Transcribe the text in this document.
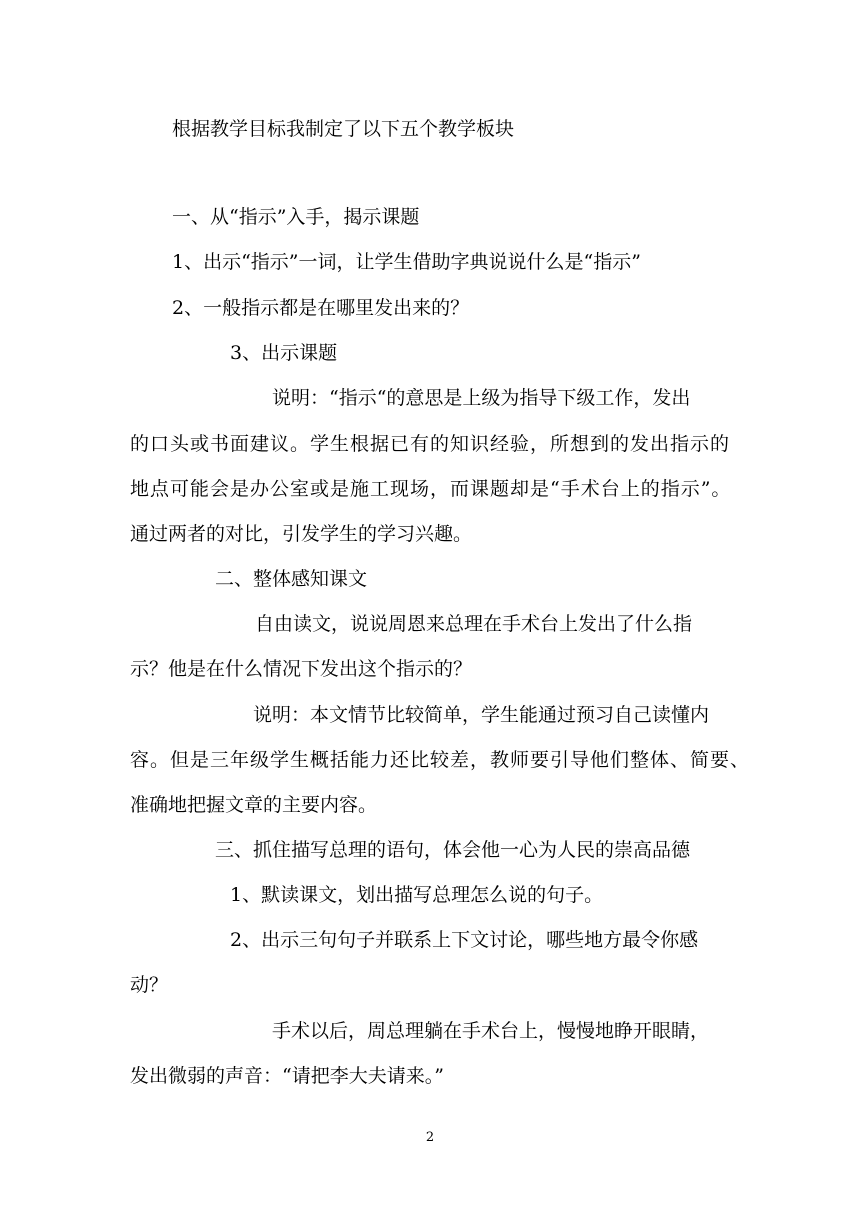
根据教学目标我制定了以下五个教学板块

一、从“指示”入手，揭示课题

1、出示“指示”一词，让学生借助字典说说什么是“指示”

2、一般指示都是在哪里发出来的？

3、出示课题

说明：“指示“的意思是上级为指导下级工作，发出

的口头或书面建议。学生根据已有的知识经验，所想到的发出指示的

地点可能会是办公室或是施工现场，而课题却是“手术台上的指示”。

通过两者的对比，引发学生的学习兴趣。

二、整体感知课文

自由读文，说说周恩来总理在手术台上发出了什么指

示？他是在什么情况下发出这个指示的？

说明：本文情节比较简单，学生能通过预习自己读懂内

容。但是三年级学生概括能力还比较差，教师要引导他们整体、简要、

准确地把握文章的主要内容。

三、抓住描写总理的语句，体会他一心为人民的崇高品德

1、默读课文，划出描写总理怎么说的句子。

2、出示三句句子并联系上下文讨论，哪些地方最令你感

动？

手术以后，周总理躺在手术台上，慢慢地睁开眼睛，

发出微弱的声音：“请把李大夫请来。”

2
